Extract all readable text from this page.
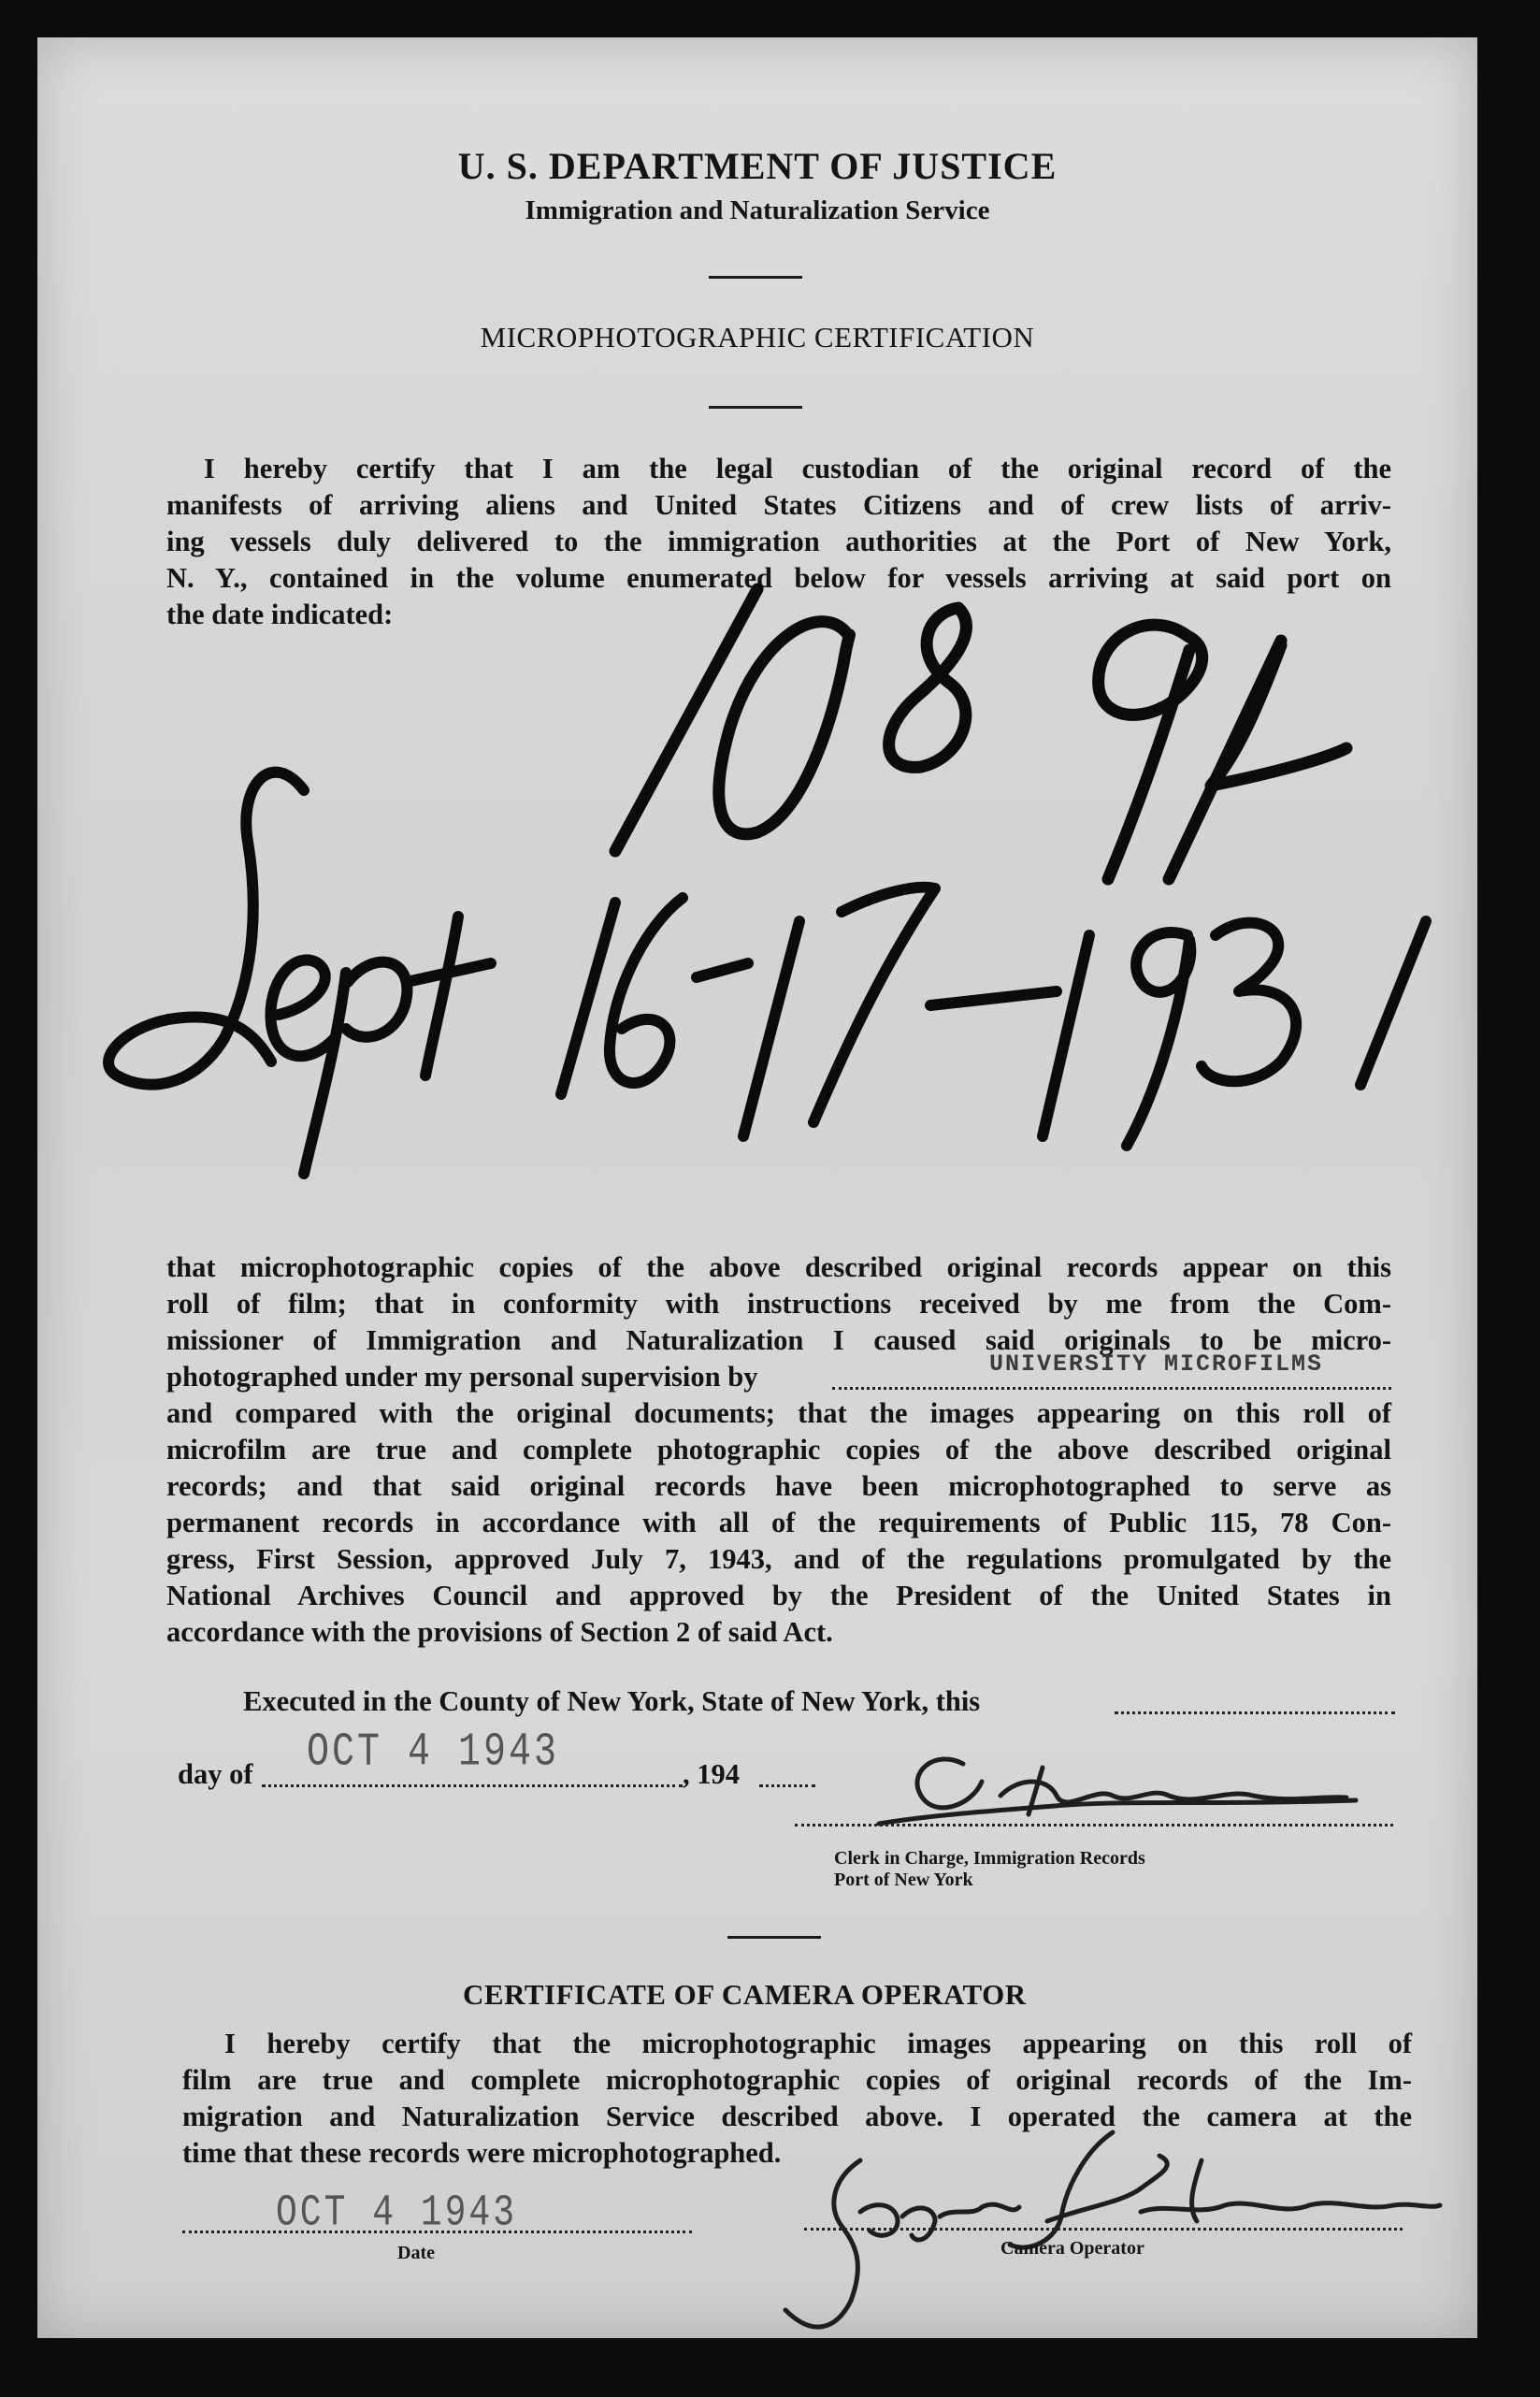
U. S. DEPARTMENT OF JUSTICE
Immigration and Naturalization Service
MICROPHOTOGRAPHIC CERTIFICATION
I hereby certify that I am the legal custodian of the original record of the
manifests of arriving aliens and United States Citizens and of crew lists of arriv-
ing vessels duly delivered to the immigration authorities at the Port of New York,
N. Y., contained in the volume enumerated below for vessels arriving at said port on
the date indicated:
10894
Sept 16-17-1931
that microphotographic copies of the above described original records appear on this
roll of film; that in conformity with instructions received by me from the Com-
missioner of Immigration and Naturalization I caused said originals to be micro-
photographed under my personal supervision by	UNIVERSITY MICROFILMS
and compared with the original documents; that the images appearing on this roll of
microfilm are true and complete photographic copies of the above described original
records; and that said original records have been microphotographed to serve as
permanent records in accordance with all of the requirements of Public 115, 78 Con-
gress, First Session, approved July 7, 1943, and of the regulations promulgated by the
National Archives Council and approved by the President of the United States in
accordance with the provisions of Section 2 of said Act.
Executed in the County of New York, State of New York, this
day of OCT 4 1943	, 194
Clerk in Charge, Immigration Records
Port of New York
CERTIFICATE OF CAMERA OPERATOR
I hereby certify that the microphotographic images appearing on this roll of
film are true and complete microphotographic copies of original records of the Im-
migration and Naturalization Service described above. I operated the camera at the
time that these records were microphotographed.
OCT 4 1943
Date	Camera Operator
